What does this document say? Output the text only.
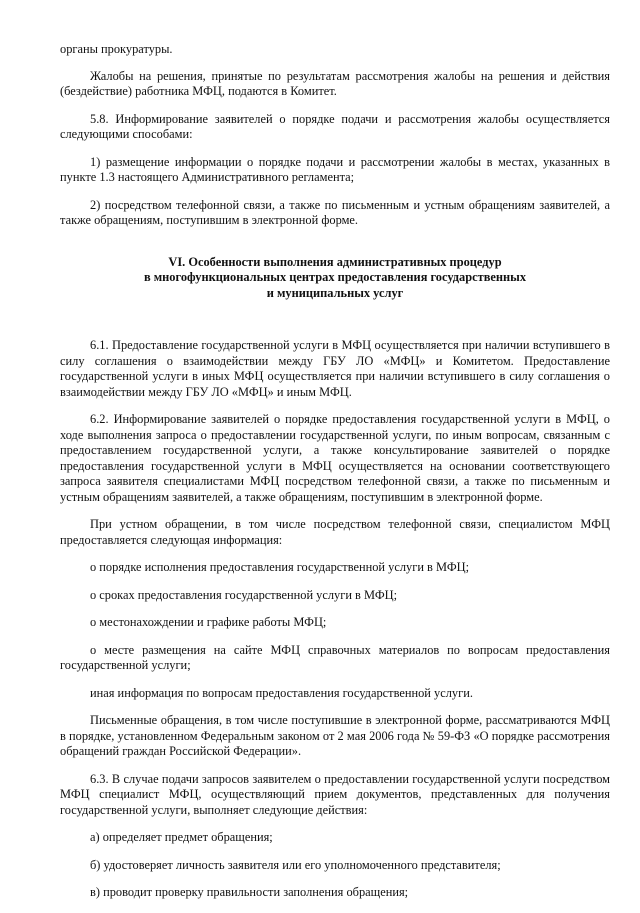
органы прокуратуры.

Жалобы на решения, принятые по результатам рассмотрения жалобы на решения и действия (бездействие) работника МФЦ, подаются в Комитет.

5.8. Информирование заявителей о порядке подачи и рассмотрения жалобы осуществляется следующими способами:

1) размещение информации о порядке подачи и рассмотрении жалобы в местах, указанных в пункте 1.3 настоящего Административного регламента;

2) посредством телефонной связи, а также по письменным и устным обращениям заявителей, а также обращениям, поступившим в электронной форме.

VI. Особенности выполнения административных процедур
в многофункциональных центрах предоставления государственных
и муниципальных услуг

6.1. Предоставление государственной услуги в МФЦ осуществляется при наличии вступившего в силу соглашения о взаимодействии между ГБУ ЛО «МФЦ» и Комитетом. Предоставление государственной услуги в иных МФЦ осуществляется при наличии вступившего в силу соглашения о взаимодействии между ГБУ ЛО «МФЦ» и иным МФЦ.

6.2. Информирование заявителей о порядке предоставления государственной услуги в МФЦ, о ходе выполнения запроса о предоставлении государственной услуги, по иным вопросам, связанным с предоставлением государственной услуги, а также консультирование заявителей о порядке предоставления государственной услуги в МФЦ осуществляется на основании соответствующего запроса заявителя специалистами МФЦ посредством телефонной связи, а также по письменным и устным обращениям заявителей, а также обращениям, поступившим в электронной форме.

При устном обращении, в том числе посредством телефонной связи, специалистом МФЦ предоставляется следующая информация:

о порядке исполнения предоставления государственной услуги в МФЦ;

о сроках предоставления государственной услуги в МФЦ;

о местонахождении и графике работы МФЦ;

о месте размещения на сайте МФЦ справочных материалов по вопросам предоставления государственной услуги;

иная информация по вопросам предоставления государственной услуги.

Письменные обращения, в том числе поступившие в электронной форме, рассматриваются МФЦ в порядке, установленном Федеральным законом от 2 мая 2006 года № 59-ФЗ «О порядке рассмотрения обращений граждан Российской Федерации».

6.3. В случае подачи запросов заявителем о предоставлении государственной услуги посредством МФЦ специалист МФЦ, осуществляющий прием документов, представленных для получения государственной услуги, выполняет следующие действия:

а) определяет предмет обращения;

б) удостоверяет личность заявителя или его уполномоченного представителя;

в) проводит проверку правильности заполнения обращения;
